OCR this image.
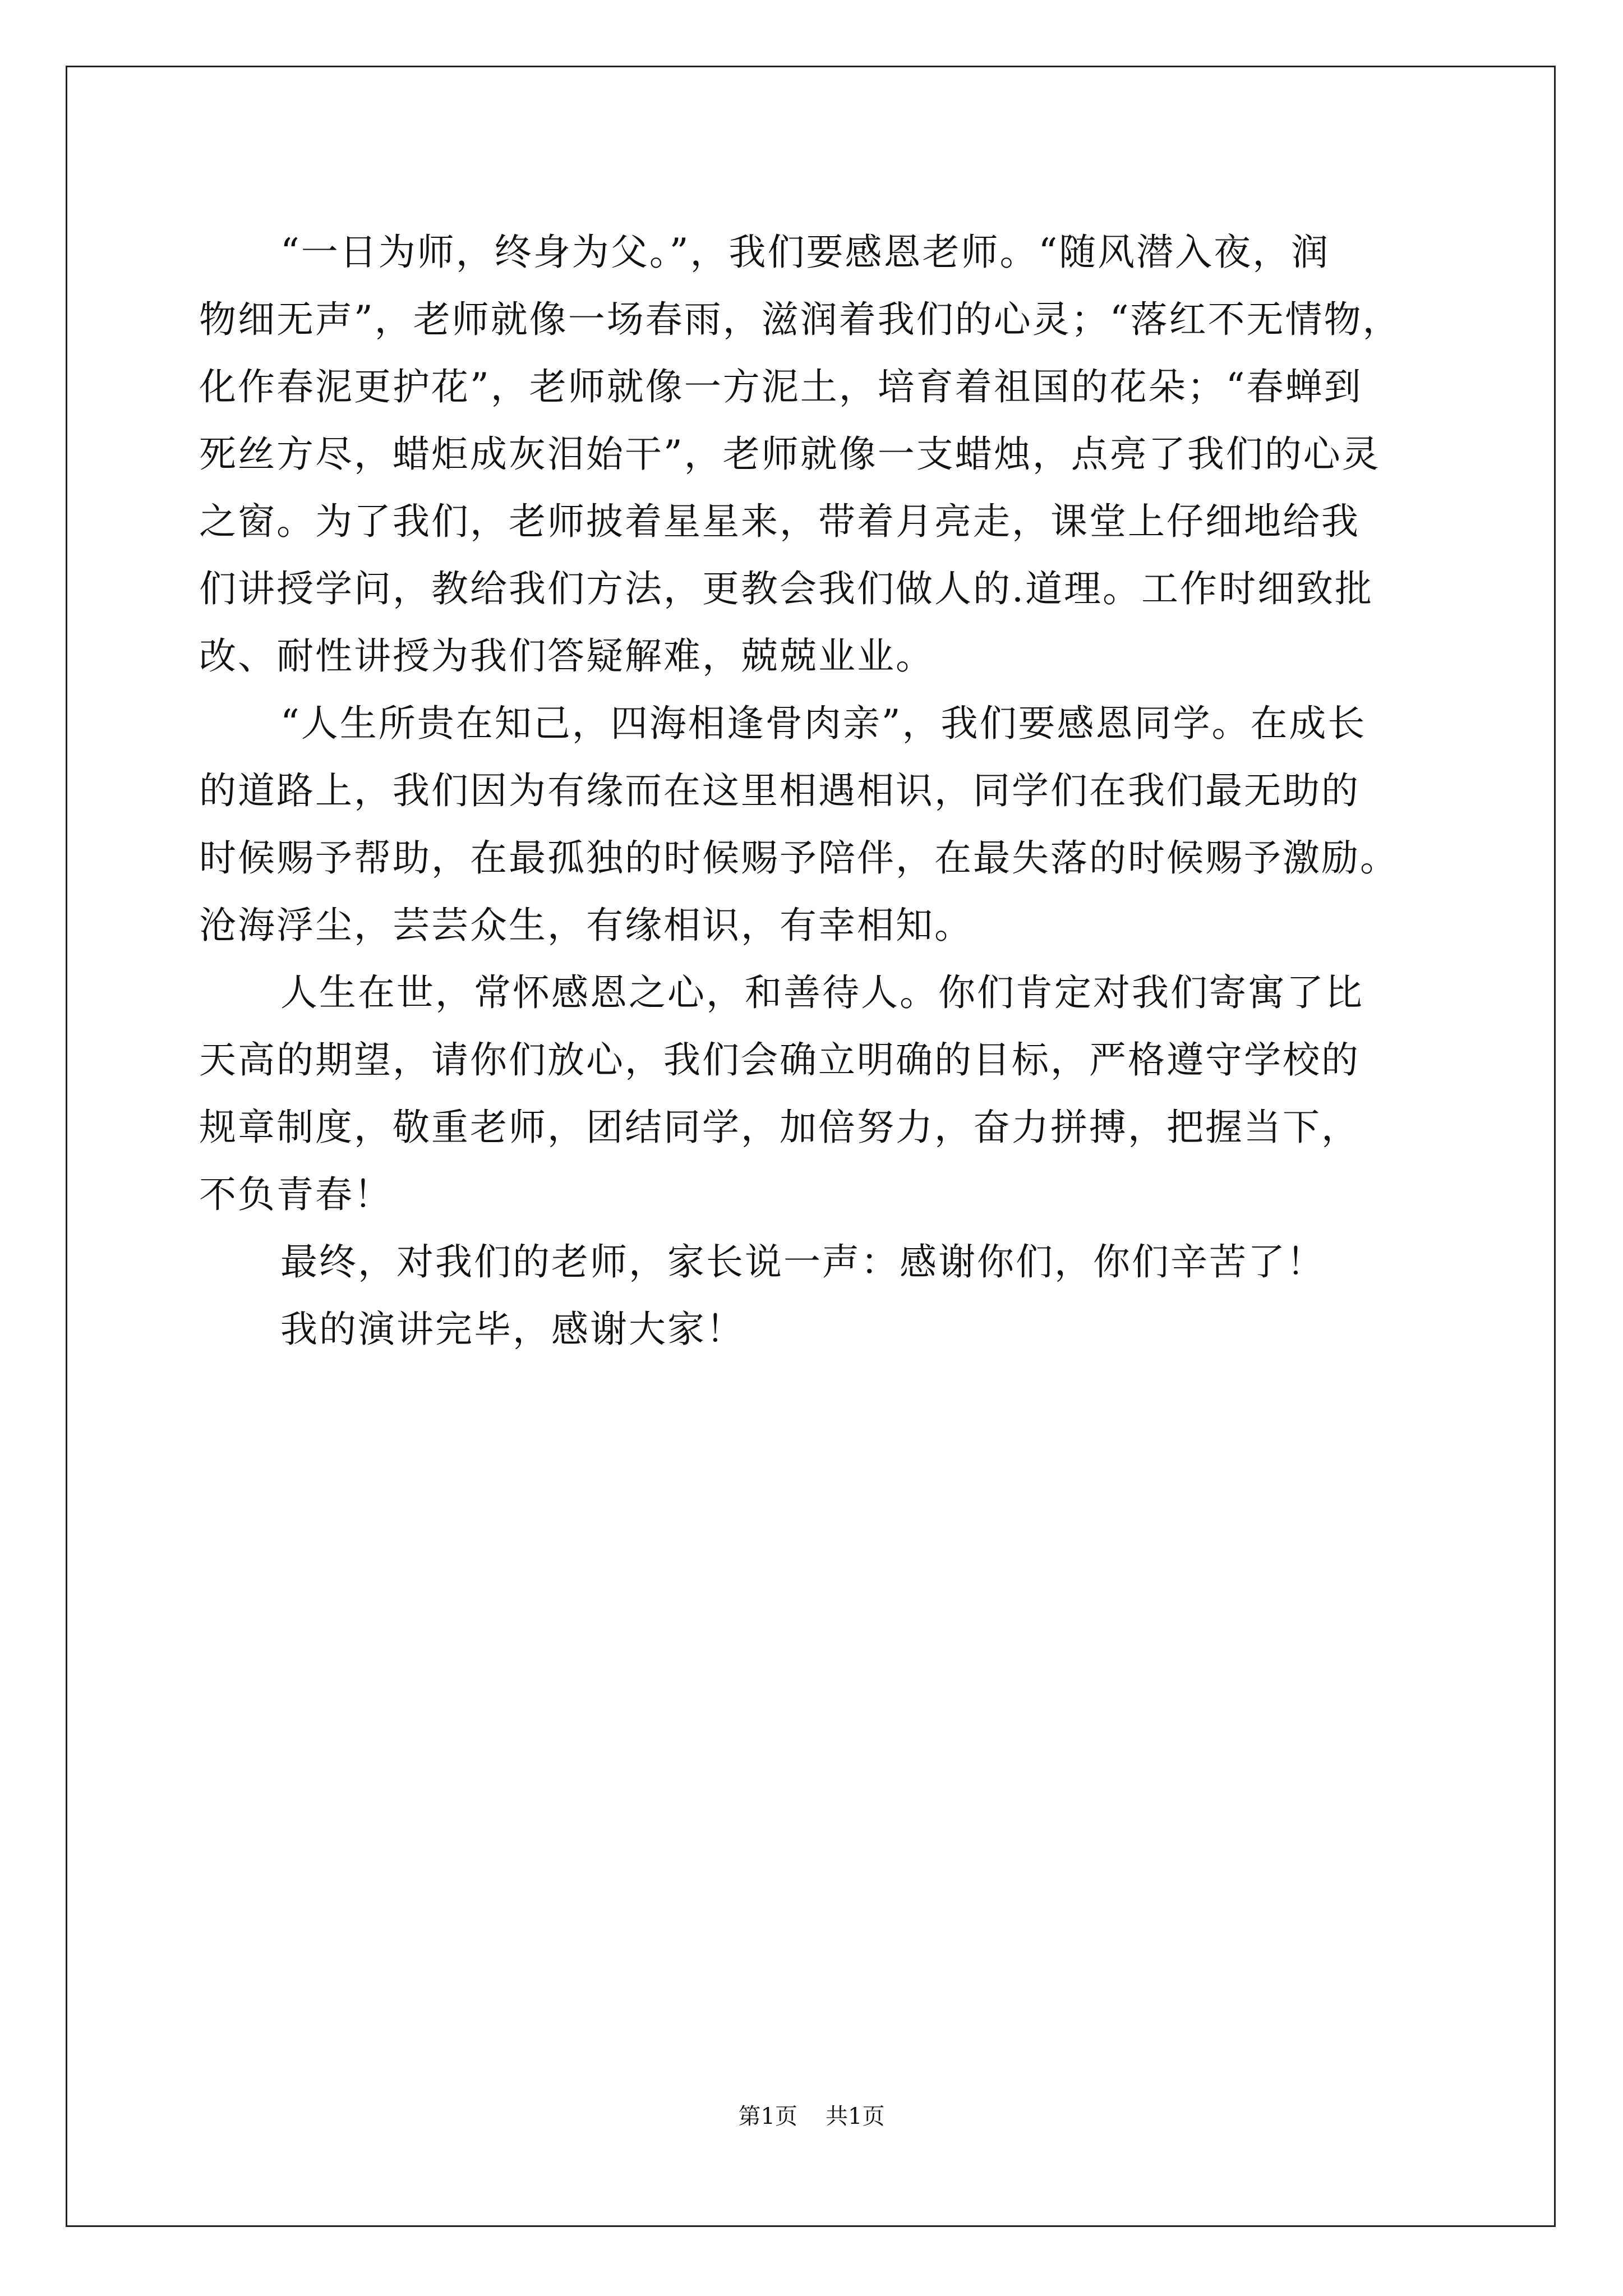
“一日为师，终身为父。”，我们要感恩老师。“随风潜入夜，润
物细无声”，老师就像一场春雨，滋润着我们的心灵；“落红不无情物，
化作春泥更护花”，老师就像一方泥土，培育着祖国的花朵；“春蝉到
死丝方尽，蜡炬成灰泪始干”，老师就像一支蜡烛，点亮了我们的心灵
之窗。为了我们，老师披着星星来，带着月亮走，课堂上仔细地给我
们讲授学问，教给我们方法，更教会我们做人的.道理。工作时细致批
改、耐性讲授为我们答疑解难，兢兢业业。
“人生所贵在知己，四海相逢骨肉亲”，我们要感恩同学。在成长
的道路上，我们因为有缘而在这里相遇相识，同学们在我们最无助的
时候赐予帮助，在最孤独的时候赐予陪伴，在最失落的时候赐予激励。
沧海浮尘，芸芸众生，有缘相识，有幸相知。
人生在世，常怀感恩之心，和善待人。你们肯定对我们寄寓了比
天高的期望，请你们放心，我们会确立明确的目标，严格遵守学校的
规章制度，敬重老师，团结同学，加倍努力，奋力拼搏，把握当下，
不负青春！
最终，对我们的老师，家长说一声：感谢你们，你们辛苦了！
我的演讲完毕，感谢大家！
第1页 共1页
